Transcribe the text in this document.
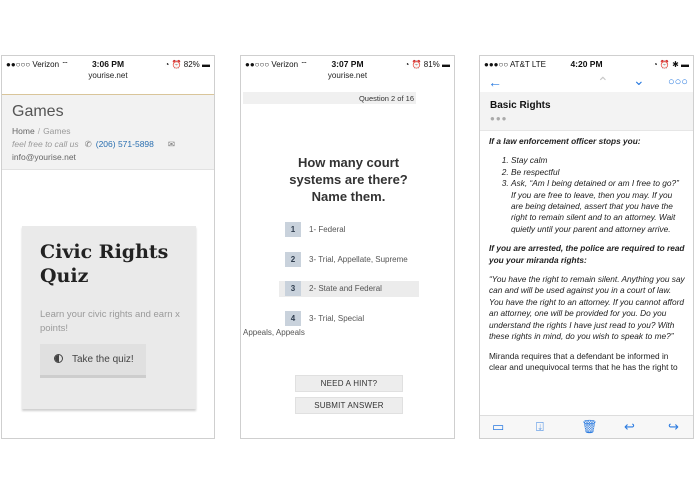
●●○○○ Verizon ⌔	3:06 PM	◔ ⏰ 82% ▬
yourise.net
Games
Home / Games
feel free to call us ✆ (206) 571-5898 ✉
info@yourise.net
Civic Rights Quiz
Learn your civic rights and earn x points!
Take the quiz!
●●○○○ Verizon ⌔	3:07 PM	◔ ⏰ 81% ▬
yourise.net
Question 2 of 16
How many court systems are there? Name them.
1	1- Federal
2	3- Trial, Appellate, Supreme
3	2- State and Federal
4	3- Trial, Special Appeals, Appeals
NEED A HINT?
SUBMIT ANSWER
●●●○○ AT&T LTE	4:20 PM	◔ ⏰ ✱ ▬
←	⌃ ⌄ ○○○
Basic Rights
●●●

If a law enforcement officer stops you:

1. Stay calm
2. Be respectful
3. Ask, “Am I being detained or am I free to go?” If you are free to leave, then you may. If you are being detained, assert that you have the right to remain silent and to an attorney. Wait quietly until your parent and attorney arrive.

If you are arrested, the police are required to read you your miranda rights:

“You have the right to remain silent. Anything you say can and will be used against you in a court of law. You have the right to an attorney. If you cannot afford an attorney, one will be provided for you. Do you understand the rights I have just read to you? With these rights in mind, do you wish to speak to me?”

Miranda requires that a defendant be informed in clear and unequivocal terms that he has the right to

▭ ⍗	🗑 ↩	↪
